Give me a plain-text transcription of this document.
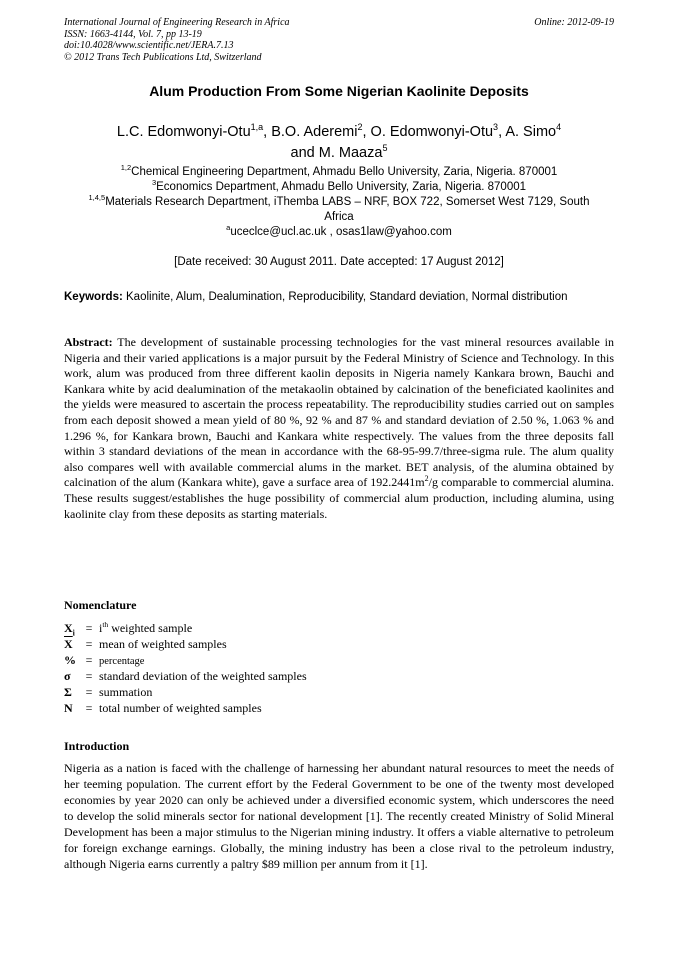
International Journal of Engineering Research in Africa
ISSN: 1663-4144, Vol. 7, pp 13-19
doi:10.4028/www.scientific.net/JERA.7.13
© 2012 Trans Tech Publications Ltd, Switzerland
Online: 2012-09-19
Alum Production From Some Nigerian Kaolinite Deposits
L.C. Edomwonyi-Otu$^{1,a}$, B.O. Aderemi$^2$, O. Edomwonyi-Otu$^3$, A. Simo$^4$
and M. Maaza$^5$
$^{1,2}$Chemical Engineering Department, Ahmadu Bello University, Zaria, Nigeria. 870001
$^3$Economics Department, Ahmadu Bello University, Zaria, Nigeria. 870001
$^{1,4,5}$Materials Research Department, iThemba LABS – NRF, BOX 722, Somerset West 7129, South Africa
$^a$uceclce@ucl.ac.uk , osas1law@yahoo.com
[Date received: 30 August 2011. Date accepted: 17 August 2012]
Keywords: Kaolinite, Alum, Dealumination, Reproducibility, Standard deviation, Normal distribution
Abstract: The development of sustainable processing technologies for the vast mineral resources available in Nigeria and their varied applications is a major pursuit by the Federal Ministry of Science and Technology. In this work, alum was produced from three different kaolin deposits in Nigeria namely Kankara brown, Bauchi and Kankara white by acid dealumination of the metakaolin obtained by calcination of the beneficiated kaolinites and the yields were measured to ascertain the process repeatability. The reproducibility studies carried out on samples from each deposit showed a mean yield of 80 %, 92 % and 87 % and standard deviation of 2.50 %, 1.063 % and 1.296 %, for Kankara brown, Bauchi and Kankara white respectively. The values from the three deposits fall within 3 standard deviations of the mean in accordance with the 68-95-99.7/three-sigma rule. The alum quality also compares well with available commercial alums in the market. BET analysis, of the alumina obtained by calcination of the alum (Kankara white), gave a surface area of $192.2441m^2/g$ comparable to commercial alumina. These results suggest/establishes the huge possibility of commercial alum production, including alumina, using kaolinite clay from these deposits as starting materials.
Nomenclature
$X_i = i^{th}$ weighted sample
$\overline{X}$ = mean of weighted samples
% = percentage
σ = standard deviation of the weighted samples
Σ = summation
N = total number of weighted samples
Introduction
Nigeria as a nation is faced with the challenge of harnessing her abundant natural resources to meet the needs of her teeming population. The current effort by the Federal Government to be one of the twenty most developed economies by year 2020 can only be achieved under a diversified economic system, which underscores the need to develop the solid minerals sector for national development [1]. The recently created Ministry of Solid Mineral Development has been a major stimulus to the Nigerian mining industry. It offers a viable alternative to petroleum for foreign exchange earnings. Globally, the mining industry has been a close rival to the petroleum industry, although Nigeria earns currently a paltry $89 million per annum from it [1].
